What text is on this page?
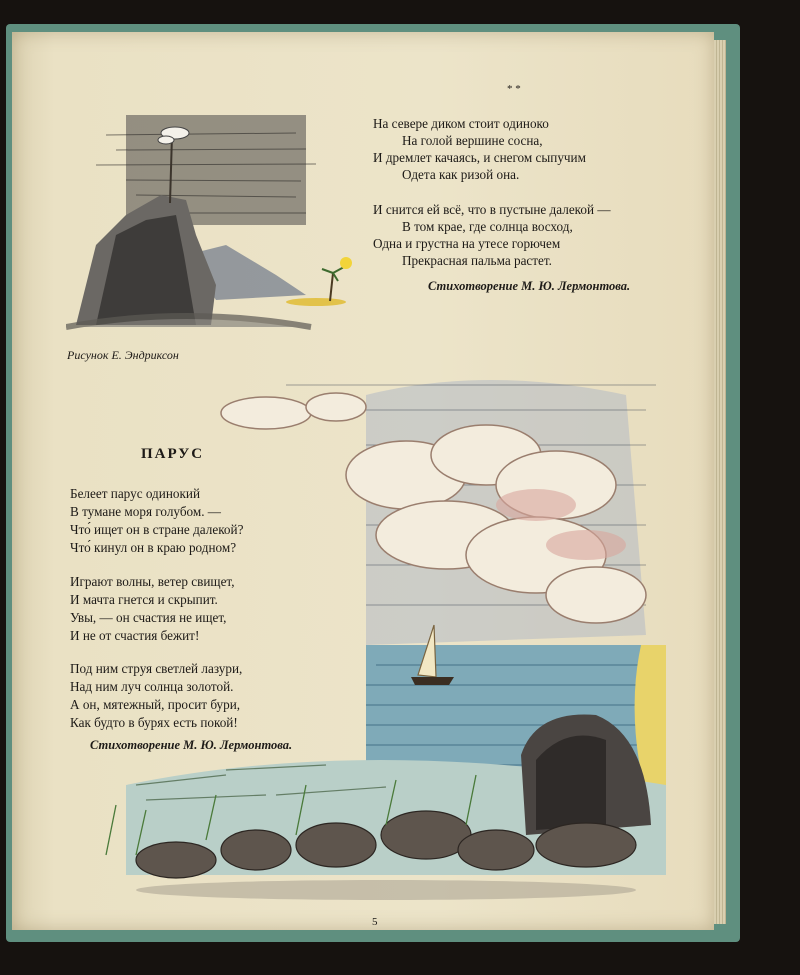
* *
На севере диком стоит одиноко
На голой вершине сосна,
И дремлет качаясь, и снегом сыпучим
Одета как ризой она.
И снится ей всё, что в пустыне далекой —
В том крае, где солнца восход,
Одна и грустна на утесе горючем
Прекрасная пальма растет.
Стихотворение М. Ю. Лермонтова.
Рисунок Е. Эндриксон
ПАРУС
Белеет парус одинокий
В тумане моря голубом. —
Что́ ищет он в стране далекой?
Что́ кинул он в краю родном?
Играют волны, ветер свищет,
И мачта гнется и скрыпит.
Увы, — он счастия не ищет,
И не от счастия бежит!
Под ним струя светлей лазури,
Над ним луч солнца золотой.
А он, мятежный, просит бури,
Как будто в бурях есть покой!
Стихотворение М. Ю. Лермонтова.
5
